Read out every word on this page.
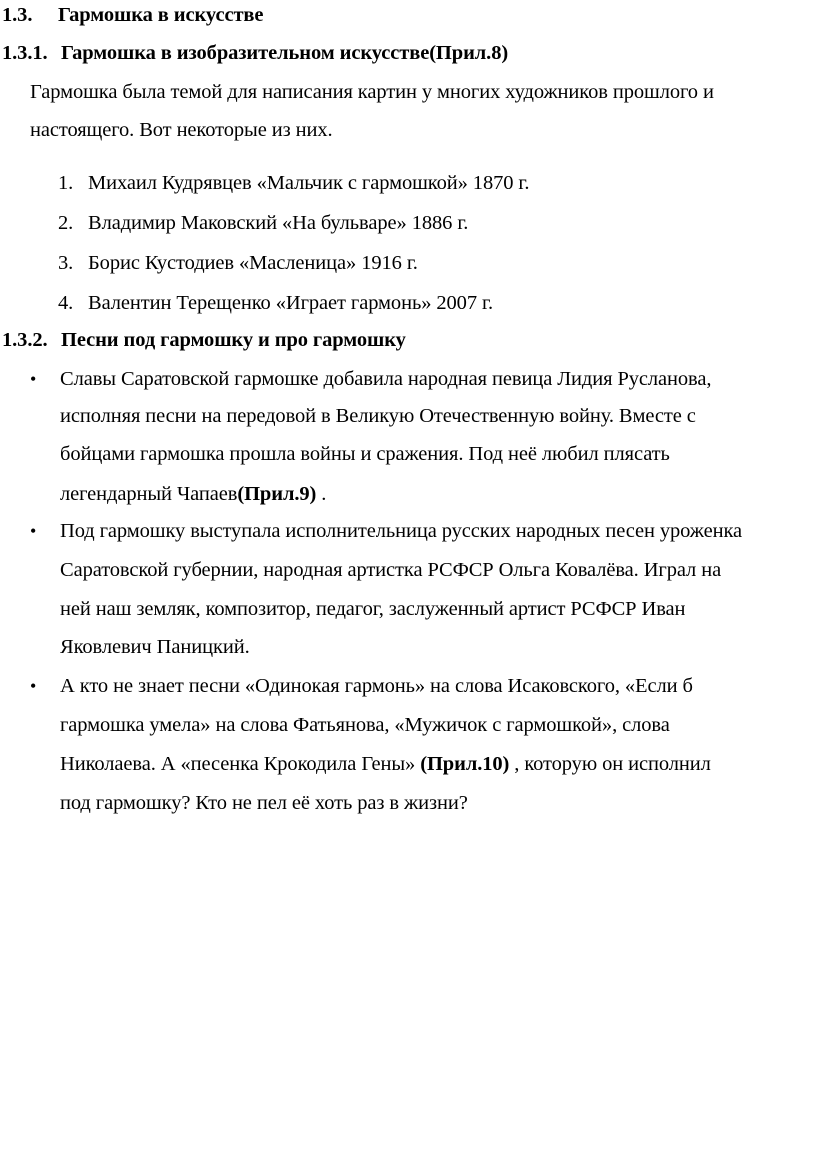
1.3. Гармошка в искусстве
1.3.1. Гармошка в изобразительном искусстве(Прил.8)
Гармошка была темой для написания картин у многих художников прошлого и
настоящего. Вот некоторые из них.
1. Михаил Кудрявцев «Мальчик с гармошкой» 1870 г.
2. Владимир Маковский «На бульваре» 1886 г.
3. Борис Кустодиев «Масленица» 1916 г.
4. Валентин Терещенко «Играет гармонь» 2007 г.
1.3.2. Песни под гармошку и про гармошку
• Славы Саратовской гармошке добавила народная певица Лидия Русланова,
исполняя песни на передовой в Великую Отечественную войну. Вместе с
бойцами гармошка прошла войны и сражения. Под неё любил плясать
легендарный Чапаев(Прил.9) .
• Под гармошку выступала исполнительница русских народных песен уроженка
Саратовской губернии, народная артистка РСФСР Ольга Ковалёва. Играл на
ней наш земляк, композитор, педагог, заслуженный артист РСФСР Иван
Яковлевич Паницкий.
• А кто не знает песни «Одинокая гармонь» на слова Исаковского, «Если б
гармошка умела» на слова Фатьянова, «Мужичок с гармошкой», слова
Николаева. А «песенка Крокодила Гены» (Прил.10) , которую он исполнил
под гармошку? Кто не пел её хоть раз в жизни?
